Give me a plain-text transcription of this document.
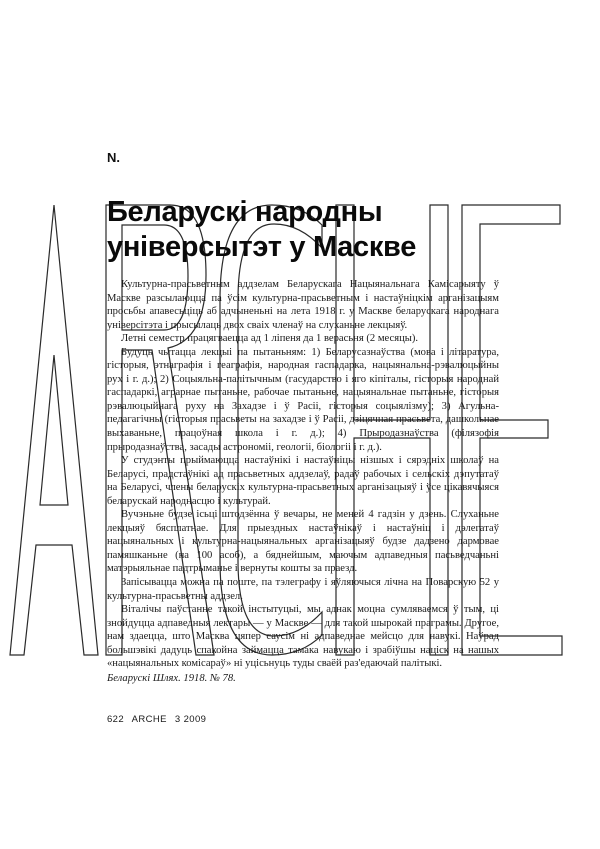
N.
Беларускі народны
універсытэт у Маскве

Культурна-прасьветным аддзелам Беларускага Нацыянальнага Камісарыяту ў Маскве разсылаюцца па ўсім культурна-прасьветным і настаўніцкім арганізацыям просьбы апавесьціць аб адчыненьні на лета 1918 г. у Маскве беларускага народнага універсітэта і прысылаць двох сваіх членаў на слуханьне лекцыяў.

Летні семестр працягваецца ад 1 ліпеня да 1 верасьня (2 месяцы).

Будуць чытацца лекцыі па пытаньням: 1) Беларусазнаўства (мова і літаратура, гісторыя, этнаграфія і геаграфія, народная гаспадарка, нацыянальна-рэвалюцыйны рух і г. д.); 2) Соцыяльна-палітычным (гасударство і яго кіпіталы, гісторыя народнай гаспадаркі, аграрнае пытаньне, рабочае пытаньне, нацыянальнае пытаньне, гісторыя рэвалюцыйнага руху на Захадзе і ў Расіі, гісторыя соцыялізму); 3) Агульна-педагагічны (гісторыя прасьветы на захадзе і ў Расіі, дзіцячная прасьвета, дашкольнае выхаваньне, працоўная школа і г. д.); 4) Прыродазнаўства (філязофія прыродазнаўства, засады астрономіі, геологіі, біологіі і г. д.).

У студэнты прыймаюцца настаўнікі і настаўніцы нізшых і сярэдніх школаў на Беларусі, прадстаўнікі ад прасьветных аддзелаў, радаў рабочых і сельскіх дэпутатаў на Беларусі, члены беларускіх культурна-прасьветных арганізацыяў і ўсе цікавячыяся беларускай народнасцю і культурай.

Вучэньне будзе ісьці штодзённа ў вечары, не меней 4 гадзін у дзень. Слуханьне лекцыяў бясплатнае. Для прыездных настаўнікаў і настаўніц і дэлегатаў нацыянальных і культурна-нацыянальных арганізацыяў будзе дадзено дармовае памяшканьне (на 100 асоб), а бяднейшым, маючым адпаведныя пасьведчаньні матэрыяльнае падтрыманье і вернуты кошты за праезд.

Запісывацца можна па поште, па тэлеграфу і яўляючыся лічна на Поварскую 52 у культурна-прасьветны аддзел.

Віталічы паўстанне такой інстытуцыі, мы аднак моцна сумляваемся ў тым, ці знойдуцца адпаведныя лектары — у Маскве — для такой шырокай праграмы. Другое, нам здаецца, што Масква цяпер саусім ні адпаведнае мейсцо для навукі. Наўрад большэвікі дадуць спакойна займацца тамака навукаю і зрабіўшы націск на нашых «нацыянальных комісараў» ні уцісьнуць туды сваёй раз'едаючай палітыкі.

Беларускі Шлях. 1918. № 78.
622 ARCHE 3 2009
